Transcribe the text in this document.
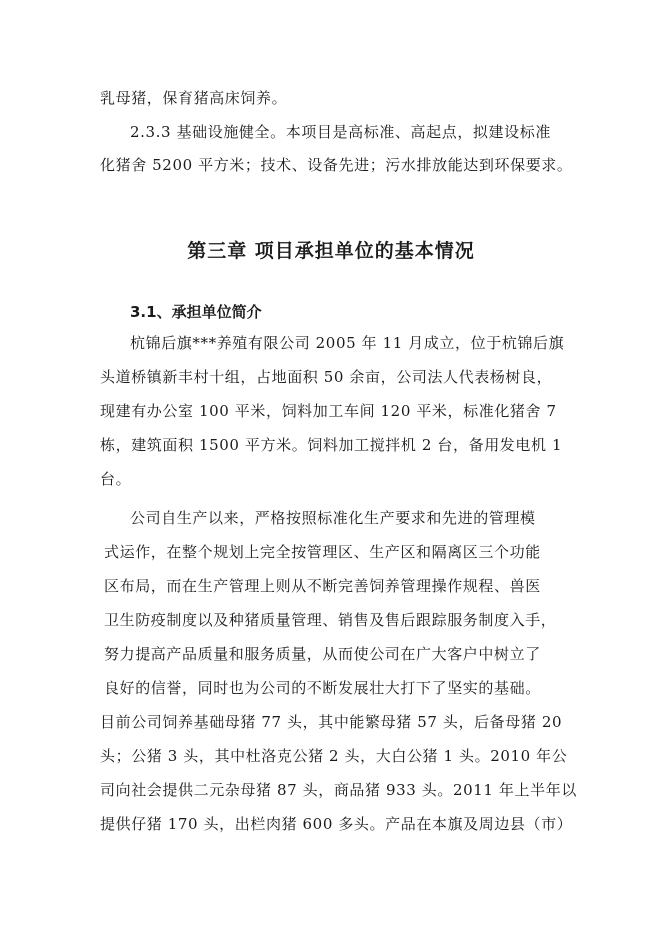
乳母猪，保育猪高床饲养。
2.3.3 基础设施健全。本项目是高标准、高起点，拟建设标准
化猪舍 5200 平方米；技术、设备先进；污水排放能达到环保要求。
第三章 项目承担单位的基本情况
3.1、承担单位简介
杭锦后旗***养殖有限公司 2005 年 11 月成立，位于杭锦后旗
头道桥镇新丰村十组，占地面积 50 余亩，公司法人代表杨树良，
现建有办公室 100 平米，饲料加工车间 120 平米，标准化猪舍 7
栋，建筑面积 1500 平方米。饲料加工搅拌机 2 台，备用发电机 1
台。
公司自生产以来，严格按照标准化生产要求和先进的管理模
式运作，在整个规划上完全按管理区、生产区和隔离区三个功能
区布局，而在生产管理上则从不断完善饲养管理操作规程、兽医
卫生防疫制度以及种猪质量管理、销售及售后跟踪服务制度入手，
努力提高产品质量和服务质量，从而使公司在广大客户中树立了
良好的信誉，同时也为公司的不断发展壮大打下了坚实的基础。
目前公司饲养基础母猪 77 头，其中能繁母猪 57 头，后备母猪 20
头；公猪 3 头，其中杜洛克公猪 2 头，大白公猪 1 头。2010 年公
司向社会提供二元杂母猪 87 头，商品猪 933 头。2011 年上半年以
提供仔猪 170 头，出栏肉猪 600 多头。产品在本旗及周边县（市）
